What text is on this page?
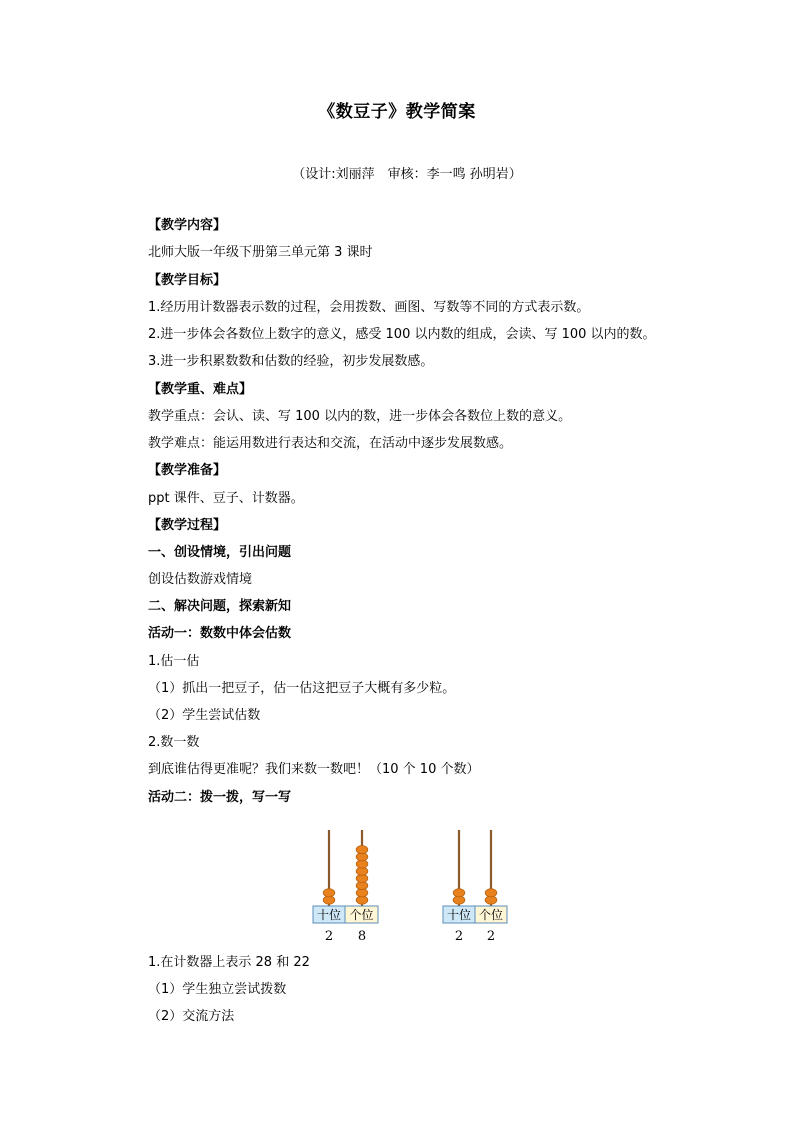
《数豆子》教学简案
（设计:刘丽萍　审核：李一鸣 孙明岩）
【教学内容】
北师大版一年级下册第三单元第 3 课时
【教学目标】
1.经历用计数器表示数的过程，会用拨数、画图、写数等不同的方式表示数。
2.进一步体会各数位上数字的意义，感受 100 以内数的组成，会读、写 100 以内的数。
3.进一步积累数数和估数的经验，初步发展数感。
【教学重、难点】
教学重点：会认、读、写 100 以内的数，进一步体会各数位上数的意义。
教学难点：能运用数进行表达和交流，在活动中逐步发展数感。
【教学准备】
ppt 课件、豆子、计数器。
【教学过程】
一、创设情境，引出问题
创设估数游戏情境
二、解决问题，探索新知
活动一：数数中体会估数
1.估一估
（1）抓出一把豆子，估一估这把豆子大概有多少粒。
（2）学生尝试估数
2.数一数
到底谁估得更准呢？我们来数一数吧！（10 个 10 个数）
活动二：拨一拨，写一写
十位 个位
2 8
十位 个位
2 2
1.在计数器上表示 28 和 22
（1）学生独立尝试拨数
（2）交流方法
